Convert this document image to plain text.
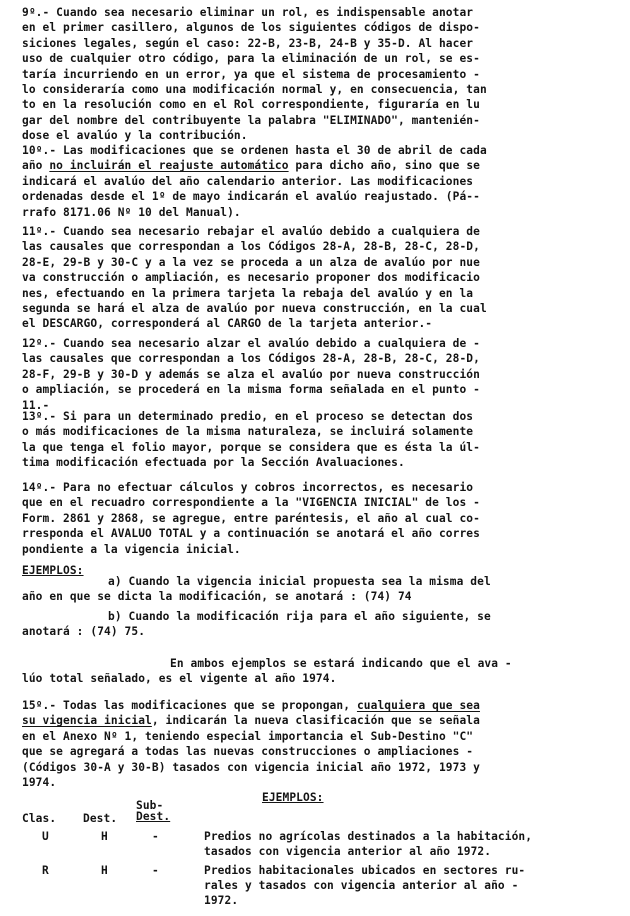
9º.- Cuando sea necesario eliminar un rol, es indispensable anotar
en el primer casillero, algunos de los siguientes códigos de dispo-
siciones legales, según el caso: 22-B, 23-B, 24-B y 35-D. Al hacer
uso de cualquier otro código, para la eliminación de un rol, se es-
taría incurriendo en un error, ya que el sistema de procesamiento -
lo consideraría como una modificación normal y, en consecuencia, tan
to en la resolución como en el Rol correspondiente, figuraría en lu
gar del nombre del contribuyente la palabra "ELIMINADO", mantenién-
dose el avalúo y la contribución.
10º.- Las modificaciones que se ordenen hasta el 30 de abril de cada
año no incluirán el reajuste automático para dicho año, sino que se
indicará el avalúo del año calendario anterior. Las modificaciones
ordenadas desde el 1º de mayo indicarán el avalúo reajustado. (Pá--
rrafo 8171.06 Nº 10 del Manual).
11º.- Cuando sea necesario rebajar el avalúo debido a cualquiera de
las causales que correspondan a los Códigos 28-A, 28-B, 28-C, 28-D,
28-E, 29-B y 30-C y a la vez se proceda a un alza de avalúo por nue
va construcción o ampliación, es necesario proponer dos modificacio
nes, efectuando en la primera tarjeta la rebaja del avalúo y en la
segunda se hará el alza de avalúo por nueva construcción, en la cual
el DESCARGO, corresponderá al CARGO de la tarjeta anterior.-
12º.- Cuando sea necesario alzar el avalúo debido a cualquiera de -
las causales que correspondan a los Códigos 28-A, 28-B, 28-C, 28-D,
28-F, 29-B y 30-D y además se alza el avalúo por nueva construcción
o ampliación, se procederá en la misma forma señalada en el punto -
11.-
13º.- Si para un determinado predio, en el proceso se detectan dos
o más modificaciones de la misma naturaleza, se incluirá solamente
la que tenga el folio mayor, porque se considera que es ésta la úl-
tima modificación efectuada por la Sección Avaluaciones.
14º.- Para no efectuar cálculos y cobros incorrectos, es necesario
que en el recuadro correspondiente a la "VIGENCIA INICIAL" de los -
Form. 2861 y 2868, se agregue, entre paréntesis, el año al cual co-
rresponda el AVALUO TOTAL y a continuación se anotará el año corres
pondiente a la vigencia inicial.
EJEMPLOS:
a) Cuando la vigencia inicial propuesta sea la misma del
año en que se dicta la modificación, se anotará : (74) 74
b) Cuando la modificación rija para el año siguiente, se
anotará : (74) 75.
En ambos ejemplos se estará indicando que el ava -
lúo total señalado, es el vigente al año 1974.
15º.- Todas las modificaciones que se propongan, cualquiera que sea
su vigencia inicial, indicarán la nueva clasificación que se señala
en el Anexo Nº 1, teniendo especial importancia el Sub-Destino "C"
que se agregará a todas las nuevas construcciones o ampliaciones -
(Códigos 30-A y 30-B) tasados con vigencia inicial año 1972, 1973 y
1974.
EJEMPLOS:
Sub-
Clas. Dest. Dest.
U	H	-	Predios no agrícolas destinados a la habitación,
tasados con vigencia anterior al año 1972.
R	H	-	Predios habitacionales ubicados en sectores ru-
rales y tasados con vigencia anterior al año -
1972.
